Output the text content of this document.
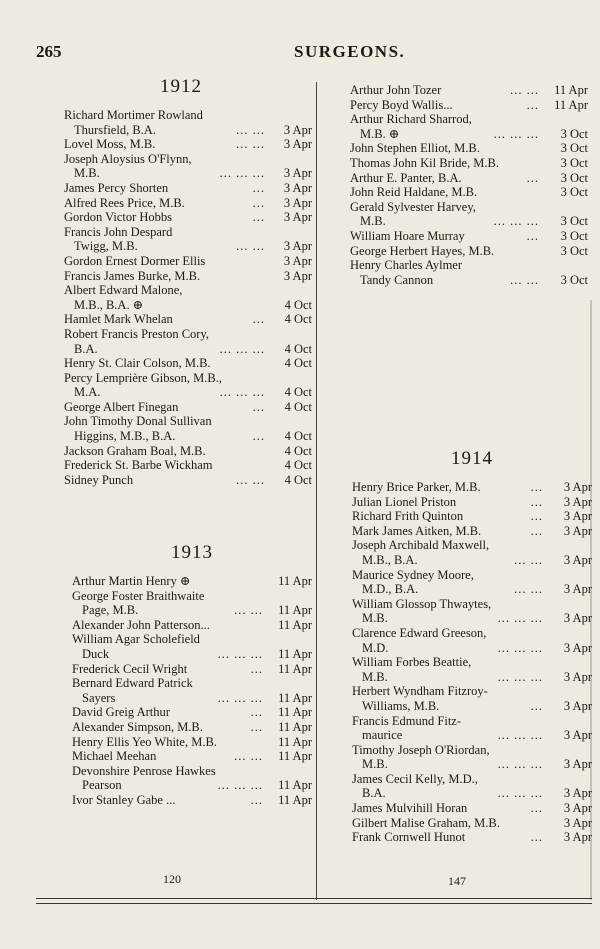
265	SURGEONS.
1912
Richard Mortimer Rowland
Thursfield, B.A.	... ...	3 Apr
Lovel Moss, M.B.	... ...	3 Apr
Joseph Aloysius O'Flynn,
M.B.	... ... ...	3 Apr
James Percy Shorten	...	3 Apr
Alfred Rees Price, M.B.	...	3 Apr
Gordon Victor Hobbs	...	3 Apr
Francis John Despard
Twigg, M.B.	... ...	3 Apr
Gordon Ernest Dormer Ellis	3 Apr
Francis James Burke, M.B.	3 Apr
Albert Edward Malone,
M.B., B.A. ⊕	4 Oct
Hamlet Mark Whelan	...	4 Oct
Robert Francis Preston Cory,
B.A.	... ... ...	4 Oct
Henry St. Clair Colson, M.B.	4 Oct
Percy Lemprière Gibson, M.B.,
M.A.	... ... ...	4 Oct
George Albert Finegan	...	4 Oct
John Timothy Donal Sullivan
Higgins, M.B., B.A.	...	4 Oct
Jackson Graham Boal, M.B.	4 Oct
Frederick St. Barbe Wickham	4 Oct
Sidney Punch	... ...	4 Oct
Arthur John Tozer	... ...	11 Apr
Percy Boyd Wallis...	...	11 Apr
Arthur Richard Sharrod,
M.B. ⊕	... ... ...	3 Oct
John Stephen Elliot, M.B.	3 Oct
Thomas John Kil Bride, M.B.	3 Oct
Arthur E. Panter, B.A.	...	3 Oct
John Reid Haldane, M.B.	3 Oct
Gerald Sylvester Harvey,
M.B.	... ... ...	3 Oct
William Hoare Murray	...	3 Oct
George Herbert Hayes, M.B.	3 Oct
Henry Charles Aylmer
Tandy Cannon	... ...	3 Oct
1913
Arthur Martin Henry ⊕	11 Apr
George Foster Braithwaite
Page, M.B.	... ...	11 Apr
Alexander John Patterson...	11 Apr
William Agar Scholefield
Duck	... ... ...	11 Apr
Frederick Cecil Wright	...	11 Apr
Bernard Edward Patrick
Sayers	... ... ...	11 Apr
David Greig Arthur	...	11 Apr
Alexander Simpson, M.B.	...	11 Apr
Henry Ellis Yeo White, M.B.	11 Apr
Michael Meehan	... ...	11 Apr
Devonshire Penrose Hawkes
Pearson	... ... ...	11 Apr
Ivor Stanley Gabe ...	...	11 Apr
1914
Henry Brice Parker, M.B.	...	3 Apr
Julian Lionel Priston	...	3 Apr
Richard Frith Quinton	...	3 Apr
Mark James Aitken, M.B.	...	3 Apr
Joseph Archibald Maxwell,
M.B., B.A.	... ...	3 Apr
Maurice Sydney Moore,
M.D., B.A.	... ...	3 Apr
William Glossop Thwaytes,
M.B.	... ... ...	3 Apr
Clarence Edward Greeson,
M.D.	... ... ...	3 Apr
William Forbes Beattie,
M.B.	... ... ...	3 Apr
Herbert Wyndham Fitzroy-
Williams, M.B.	...	3 Apr
Francis Edmund Fitz-
maurice	... ... ...	3 Apr
Timothy Joseph O'Riordan,
M.B.	... ... ...	3 Apr
James Cecil Kelly, M.D.,
B.A.	... ... ...	3 Apr
James Mulvihill Horan	...	3 Apr
Gilbert Malise Graham, M.B.	3 Apr
Frank Cornwell Hunot	...	3 Apr
120	147
